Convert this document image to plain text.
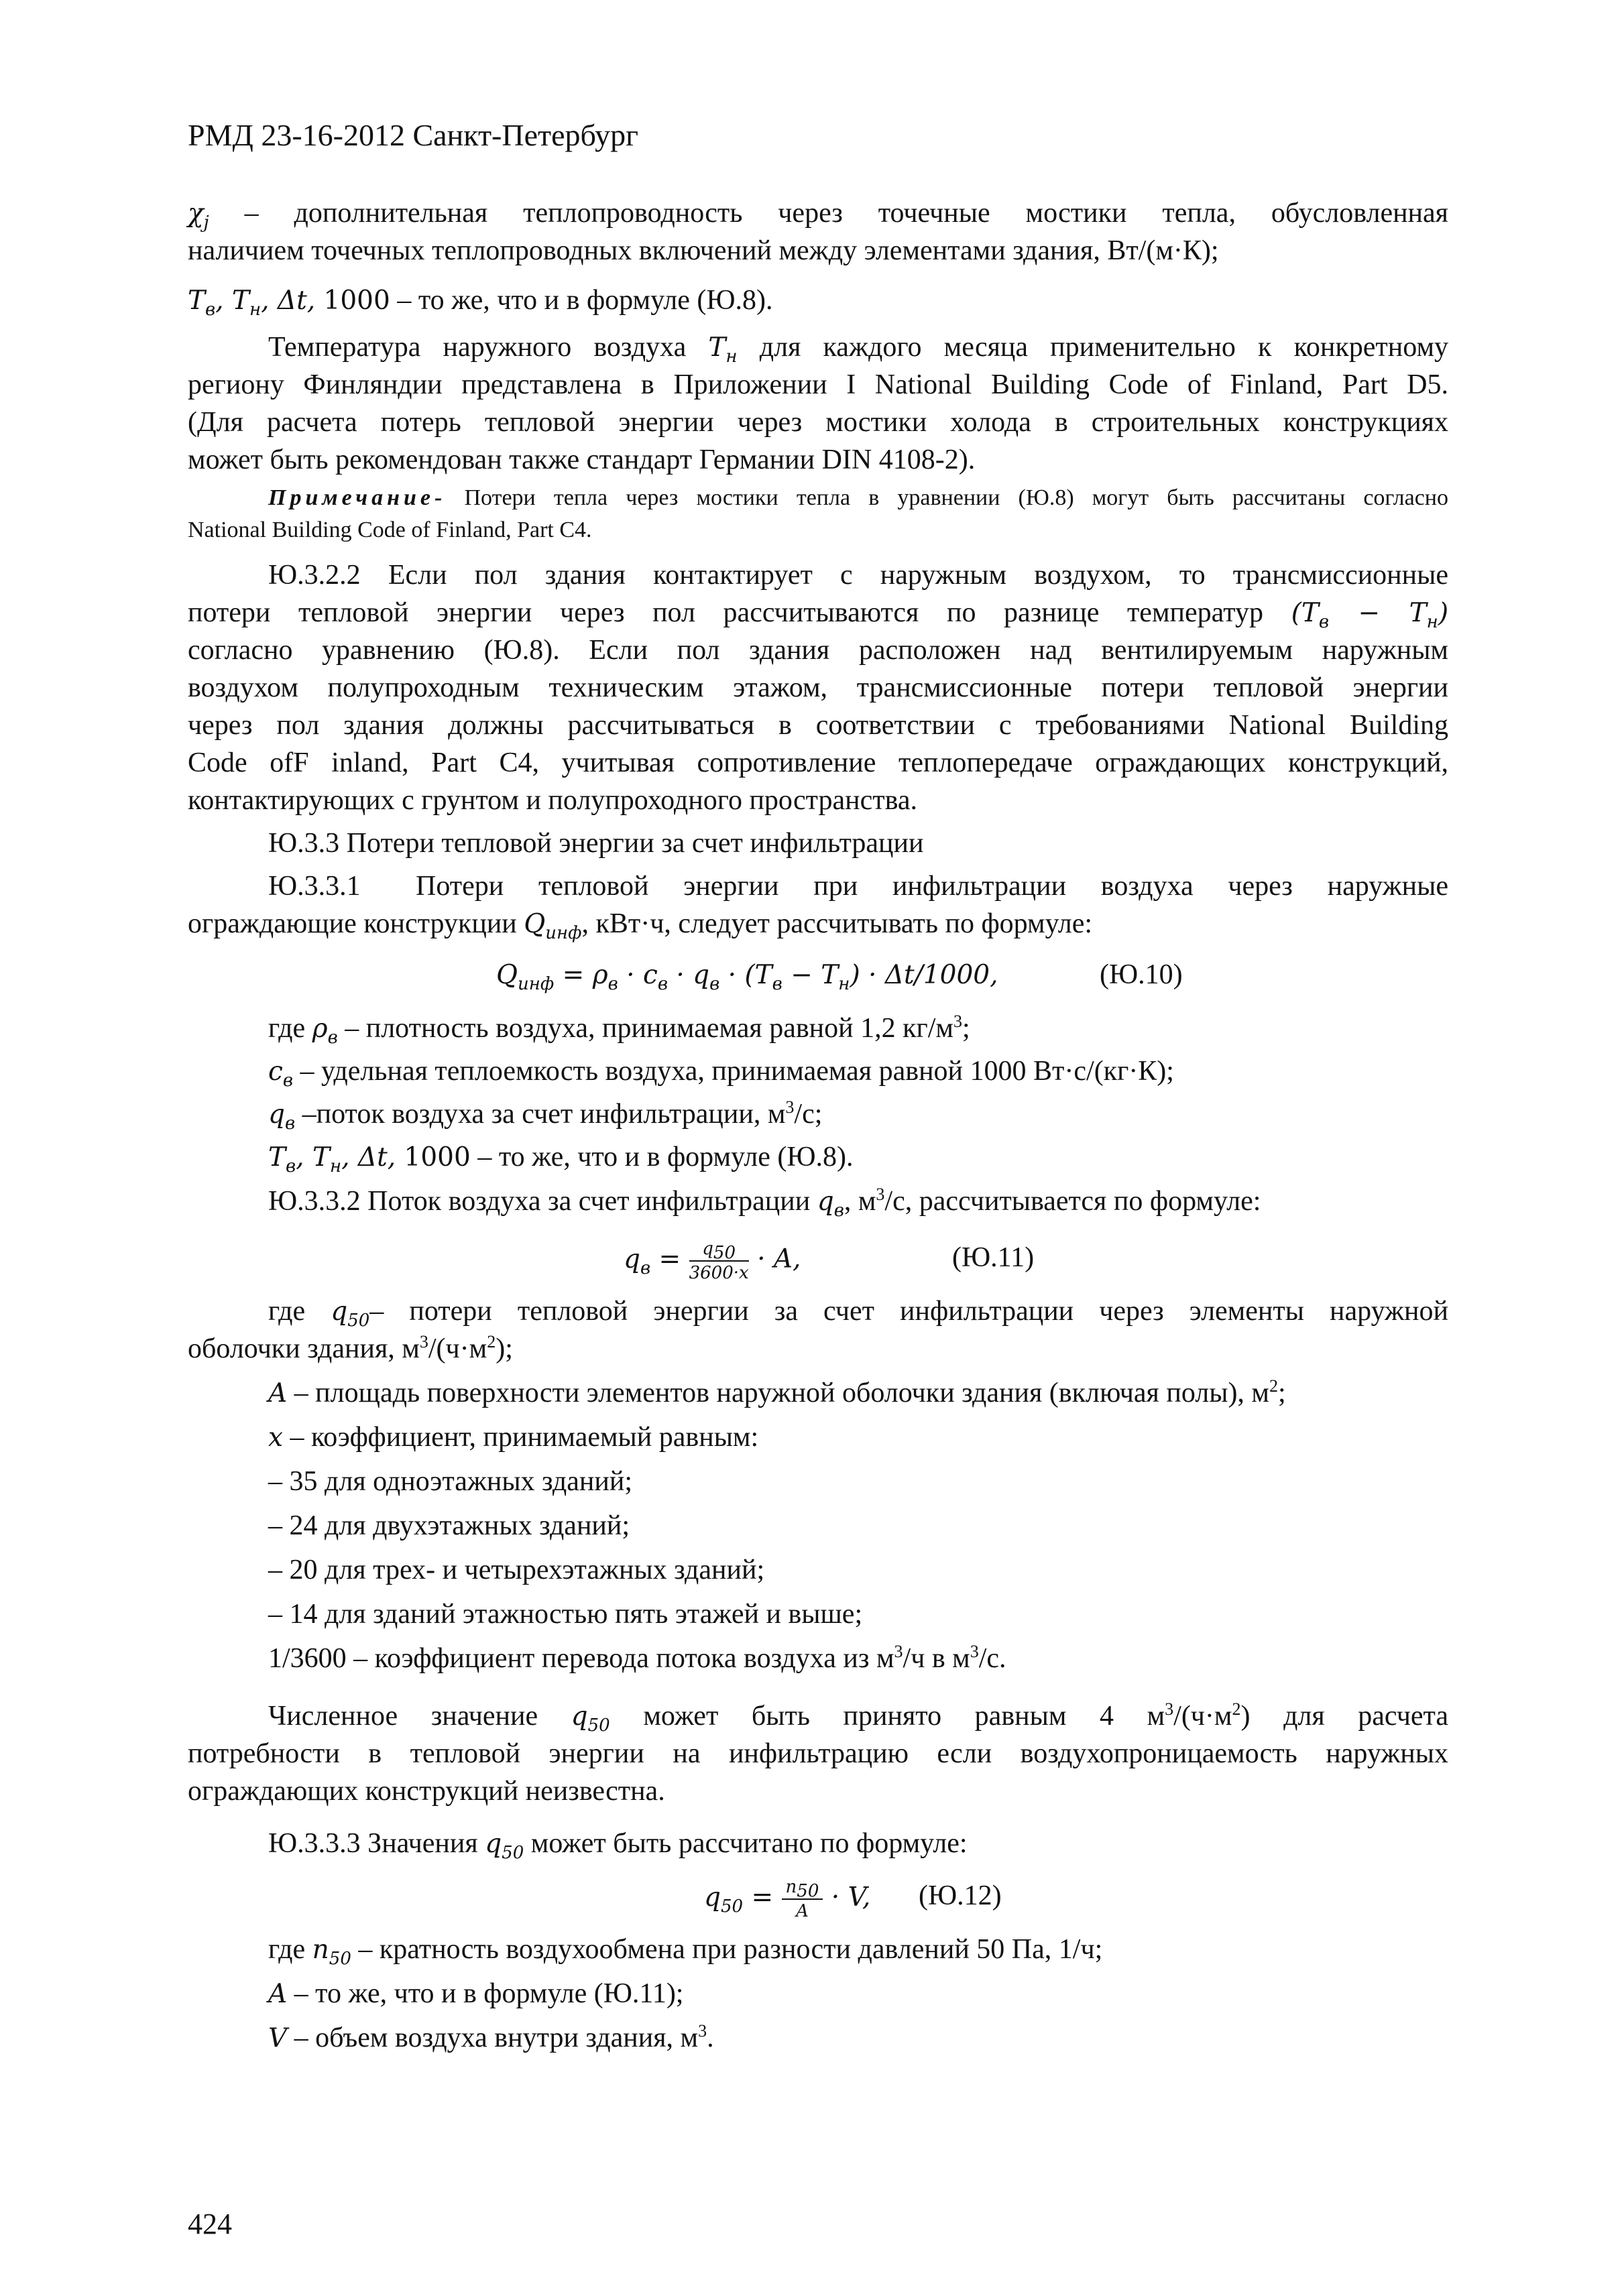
РМД 23-16-2012 Санкт-Петербург
$\chi_j$ – дополнительная теплопроводность через точечные мостики тепла, обусловленная
наличием точечных теплопроводных включений между элементами здания, Вт/(м·К);
$Т_в$, $Т_н$, Δt, 1000 – то же, что и в формуле (Ю.8).
Температура наружного воздуха $Т_н$ для каждого месяца применительно к конкретному
региону Финляндии представлена в Приложении I National Building Code of Finland, Part D5.
(Для расчета потерь тепловой энергии через мостики холода в строительных конструкциях
может быть рекомендован также стандарт Германии DIN 4108-2).
Примечание- Потери тепла через мостики тепла в уравнении (Ю.8) могут быть рассчитаны согласно
National Building Code of Finland, Part C4.
Ю.3.2.2 Если пол здания контактирует с наружным воздухом, то трансмиссионные
потери тепловой энергии через пол рассчитываются по разнице температур $(Т_в - Т_н)$
согласно уравнению (Ю.8). Если пол здания расположен над вентилируемым наружным
воздухом полупроходным техническим этажом, трансмиссионные потери тепловой энергии
через пол здания должны рассчитываться в соответствии с требованиями National Building
Code ofF inland, Part C4, учитывая сопротивление теплопередаче ограждающих конструкций,
контактирующих с грунтом и полупроходного пространства.
Ю.3.3 Потери тепловой энергии за счет инфильтрации
Ю.3.3.1 Потери тепловой энергии при инфильтрации воздуха через наружные
ограждающие конструкции $Q_{инф}$, кВт·ч, следует рассчитывать по формуле:
$Q_{инф} = \rho_в \cdot c_в \cdot q_в \cdot (Т_в - Т_н) \cdot \Delta t/1000$,	(Ю.10)
где $\rho_в$ – плотность воздуха, принимаемая равной 1,2 $кг/м^3$;
$c_в$ – удельная теплоемкость воздуха, принимаемая равной 1000 Вт·с/(кг·К);
$q_в$ –поток воздуха за счет инфильтрации, $м^3/с$;
$Т_в$, $Т_н$, Δt, 1000 – то же, что и в формуле (Ю.8).
Ю.3.3.2 Поток воздуха за счет инфильтрации $q_в$, $м^3/с$, рассчитывается по формуле:
$q_в = \frac{q_{50}}{3600\cdot x} \cdot A$,	(Ю.11)
где $q_{50}-$ потери тепловой энергии за счет инфильтрации через элементы наружной
оболочки здания, $м^3/(ч\cdot м^2)$;
A – площадь поверхности элементов наружной оболочки здания (включая полы), $м^2$;
x – коэффициент, принимаемый равным:
– 35 для одноэтажных зданий;
– 24 для двухэтажных зданий;
– 20 для трех- и четырехэтажных зданий;
– 14 для зданий этажностью пять этажей и выше;
1/3600 – коэффициент перевода потока воздуха из $м^3/ч$ в $м^3/с$.
Численное значение $q_{50}$ может быть принято равным 4 $м^3/(ч\cdot м^2)$ для расчета
потребности в тепловой энергии на инфильтрацию если воздухопроницаемость наружных
ограждающих конструкций неизвестна.
Ю.3.3.3 Значения $q_{50}$ может быть рассчитано по формуле:
$q_{50} = \frac{n_{50}}{A} \cdot V$, (Ю.12)
где $n_{50}$ – кратность воздухообмена при разности давлений 50 Па, 1/ч;
A – то же, что и в формуле (Ю.11);
V – объем воздуха внутри здания, $м^3$.
424
